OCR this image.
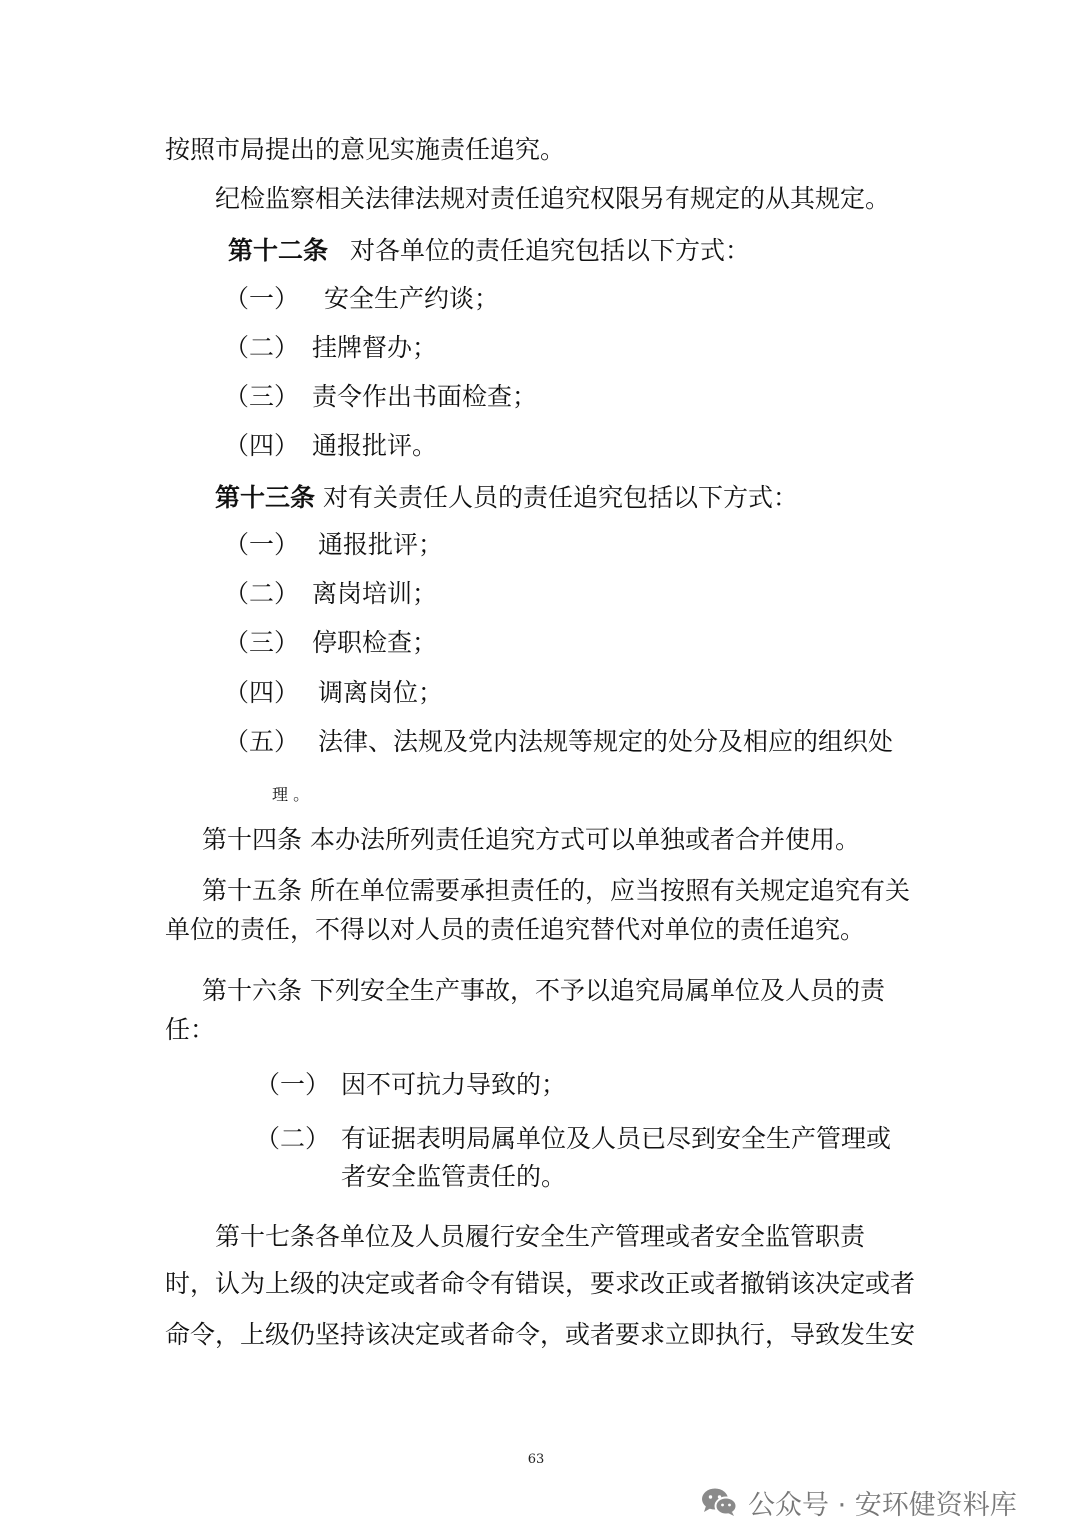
按照市局提出的意见实施责任追究。
纪检监察相关法律法规对责任追究权限另有规定的从其规定。
第十二条 对各单位的责任追究包括以下方式：
（一） 安全生产约谈；
（二） 挂牌督办；
（三） 责令作出书面检查；
（四） 通报批评。
第十三条 对有关责任人员的责任追究包括以下方式：
（一） 通报批评；
（二） 离岗培训；
（三） 停职检查；
（四） 调离岗位；
（五） 法律、法规及党内法规等规定的处分及相应的组织处
理 。
第十四条 本办法所列责任追究方式可以单独或者合并使用。
第十五条 所在单位需要承担责任的，应当按照有关规定追究有关
单位的责任，不得以对人员的责任追究替代对单位的责任追究。
第十六条 下列安全生产事故，不予以追究局属单位及人员的责
任：
（一） 因不可抗力导致的；
（二） 有证据表明局属单位及人员已尽到安全生产管理或
者安全监管责任的。
第十七条各单位及人员履行安全生产管理或者安全监管职责
时，认为上级的决定或者命令有错误，要求改正或者撤销该决定或者
命令，上级仍坚持该决定或者命令，或者要求立即执行，导致发生安
63
公众号 · 安环健资料库
